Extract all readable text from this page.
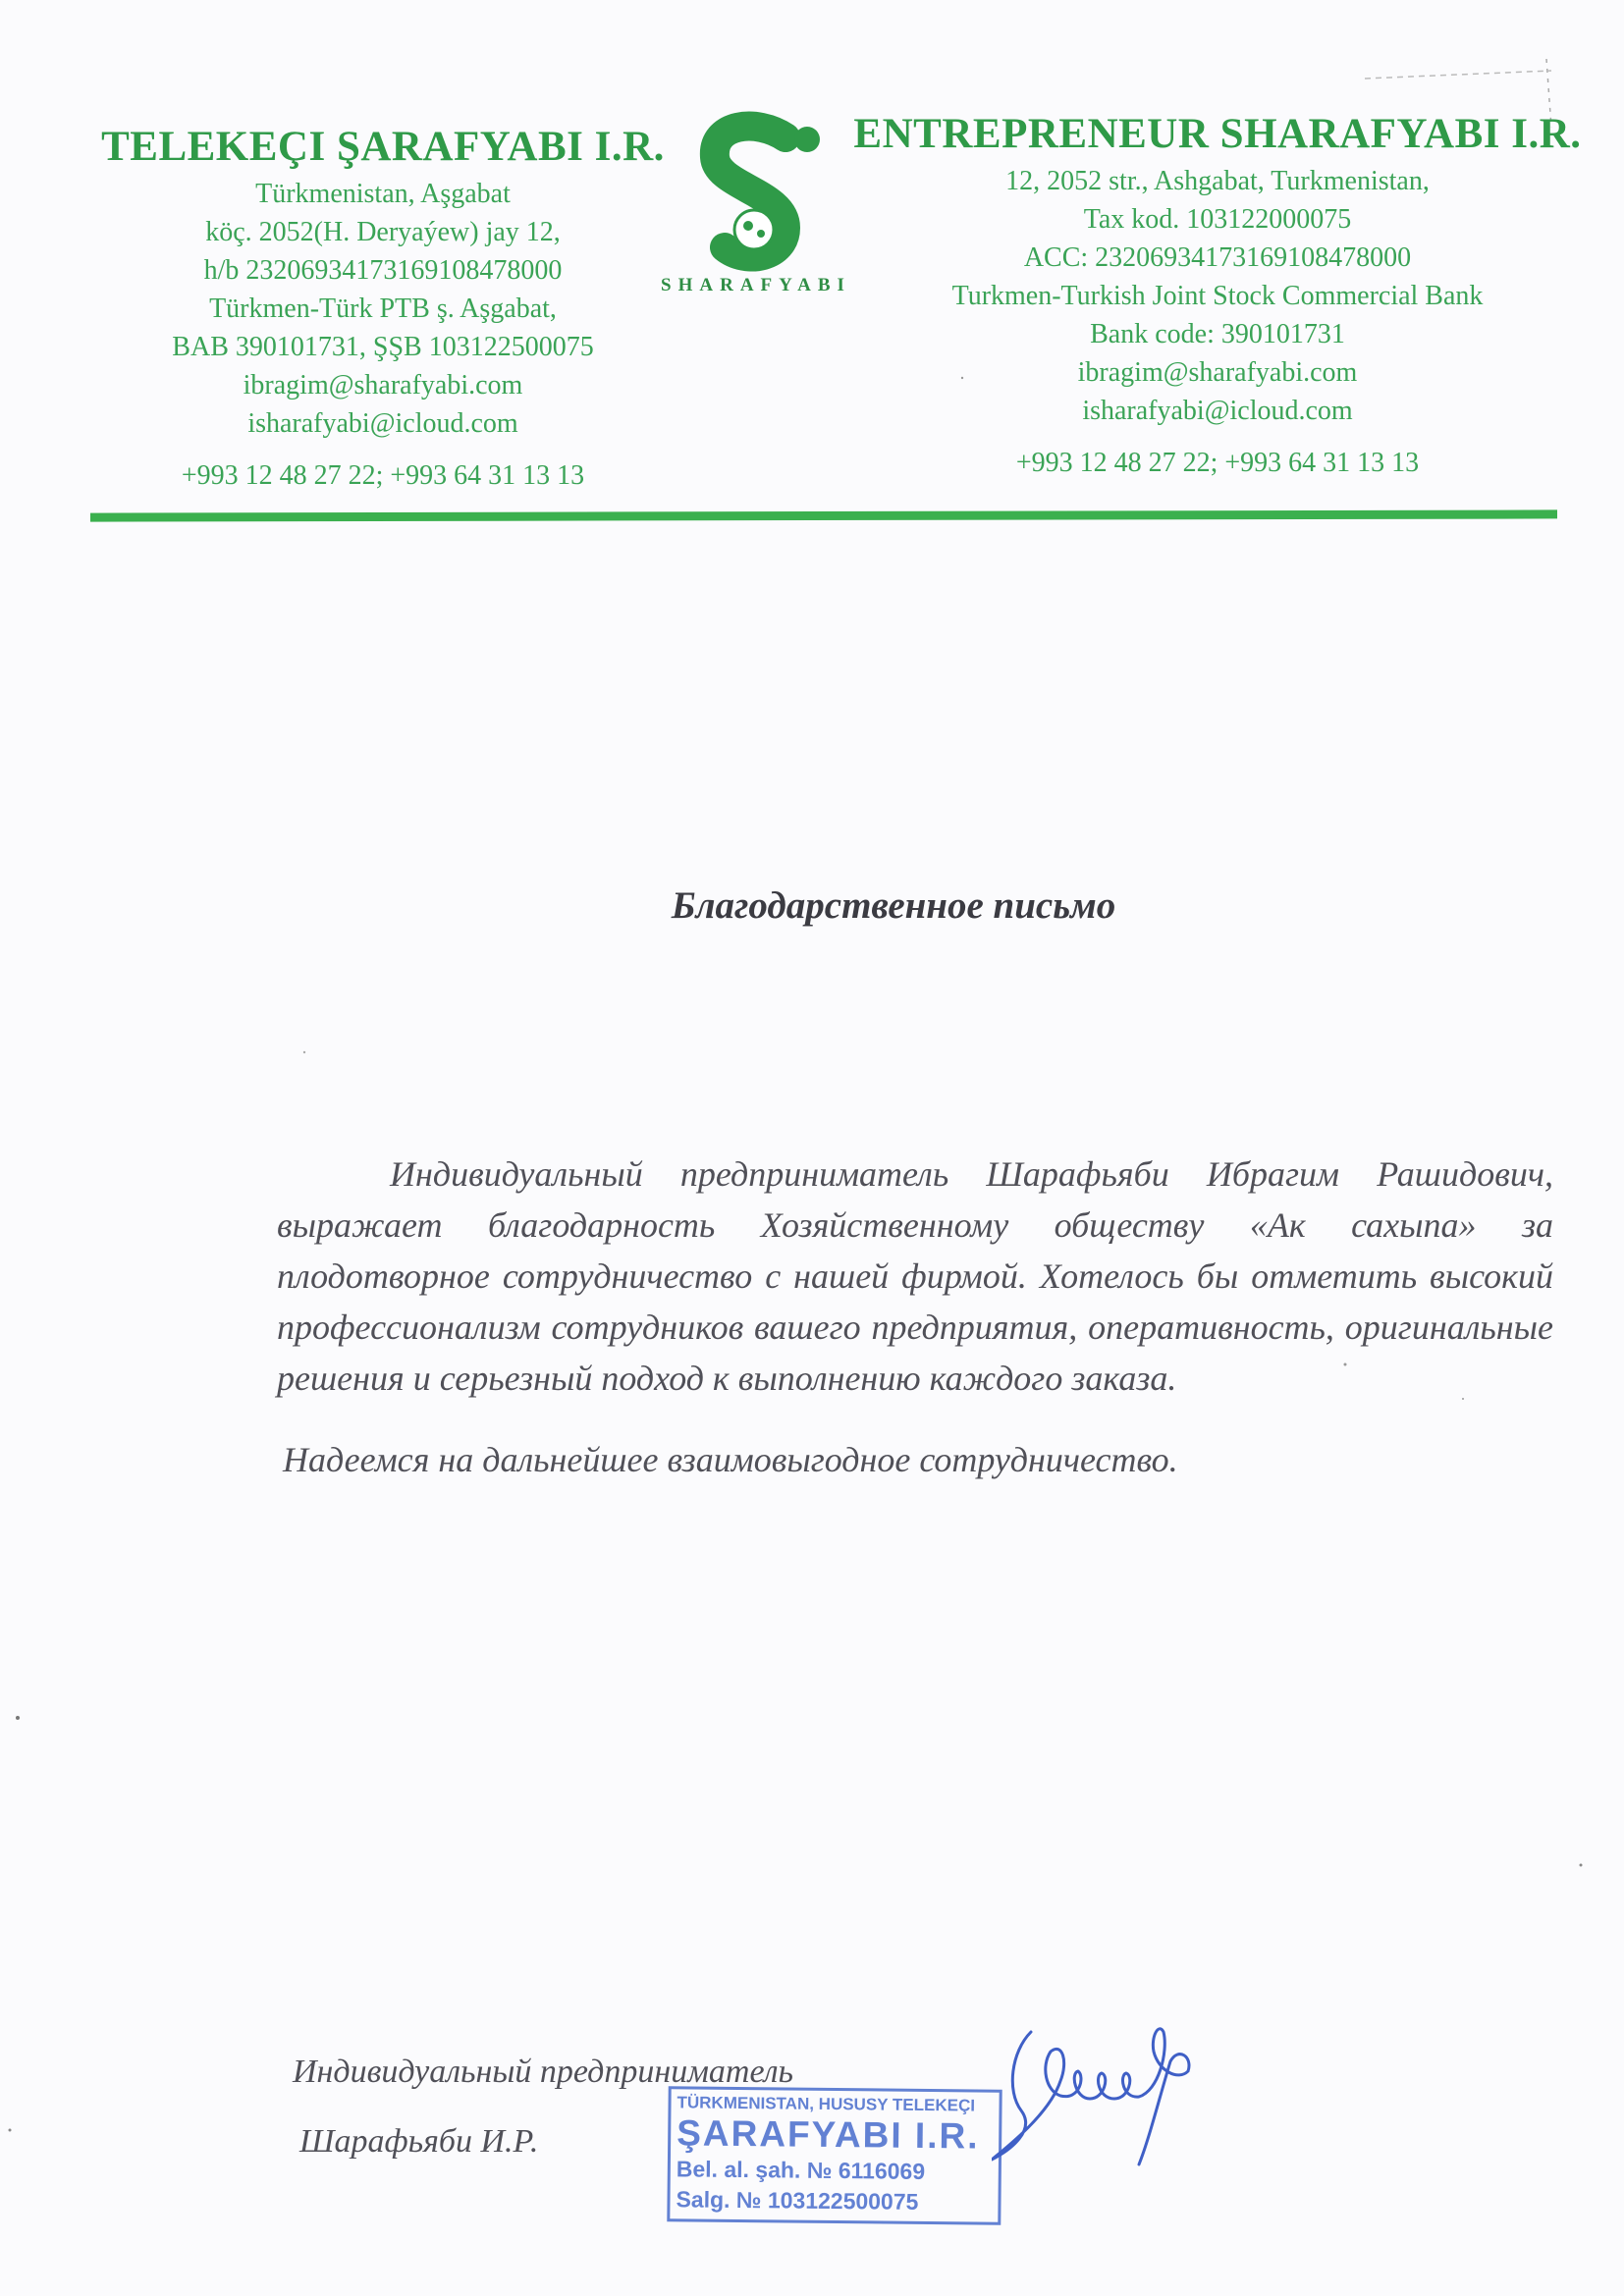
TELEKEÇI ŞARAFYABI I.R.
Türkmenistan, Aşgabat
köç. 2052(H. Deryaýew) jay 12,
h/b 23206934173169108478000
Türkmen-Türk PTB ş. Aşgabat,
BAB 390101731, ŞŞB 103122500075
ibragim@sharafyabi.com
isharafyabi@icloud.com
+993 12 48 27 22; +993 64 31 13 13
SHARAFYABI
ENTREPRENEUR SHARAFYABI I.R.
12, 2052 str., Ashgabat, Turkmenistan,
Tax kod. 103122000075
ACC: 23206934173169108478000
Turkmen-Turkish Joint Stock Commercial Bank
Bank code: 390101731
ibragim@sharafyabi.com
isharafyabi@icloud.com
+993 12 48 27 22; +993 64 31 13 13
Благодарственное письмо

Индивидуальный предприниматель Шарафьяби Ибрагим Рашидович, выражает благодарность Хозяйственному обществу «Ак сахыпа» за плодотворное сотрудничество с нашей фирмой. Хотелось бы отметить высокий профессионализм сотрудников вашего предприятия, оперативность, оригинальные решения и серьезный подход к выполнению каждого заказа.

Надеемся на дальнейшее взаимовыгодное сотрудничество.
Индивидуальный предприниматель
Шарафьяби И.Р.
TÜRKMENISTAN, HUSUSY TELEKEÇI
ŞARAFYABI I.R.
Bel. al. şah. № 6116069
Salg. № 103122500075
